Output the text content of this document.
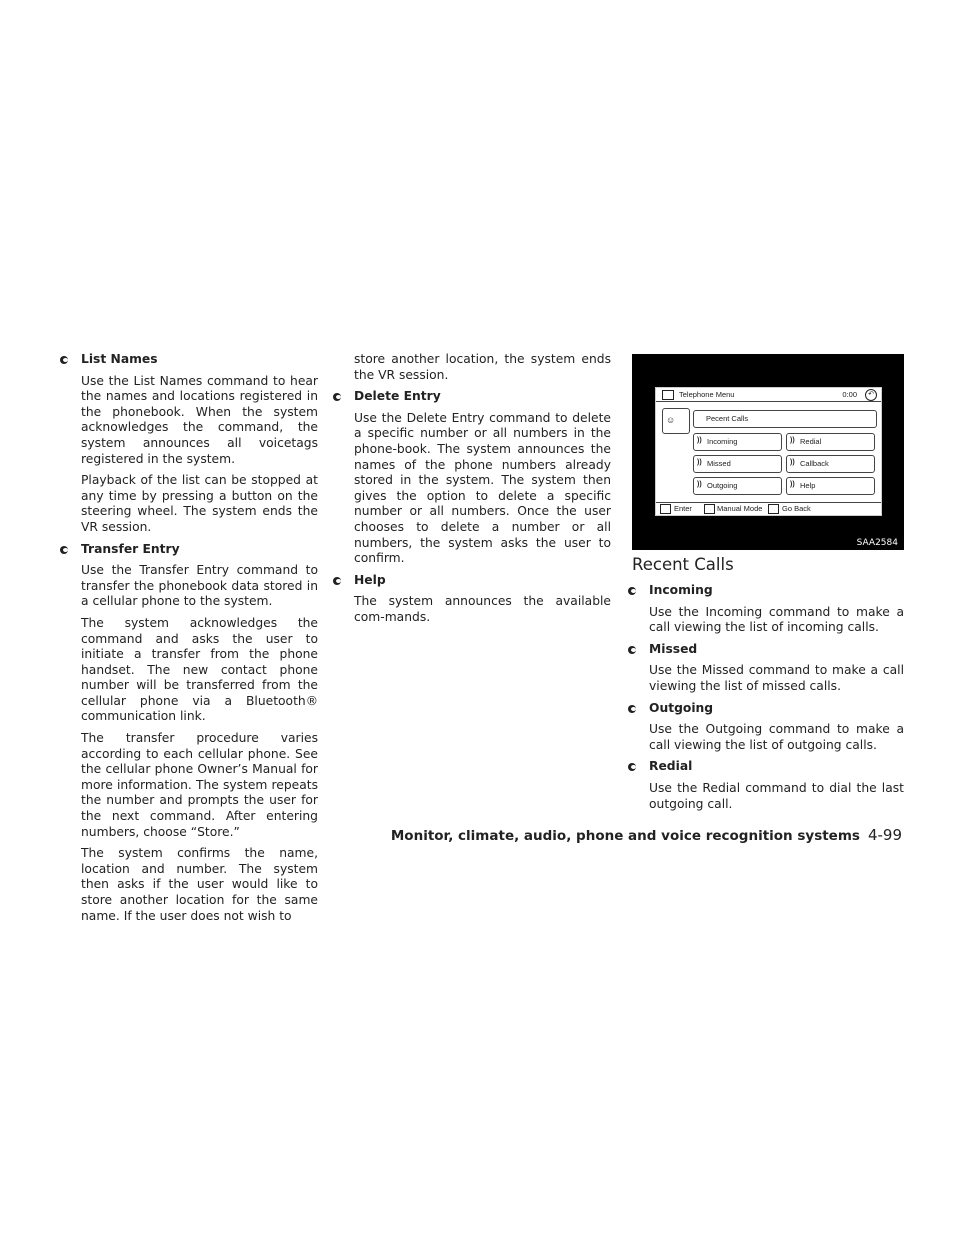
List Names

Use the List Names command to hear the names and locations registered in the phonebook. When the system acknowledges the command, the system announces all voicetags registered in the system.

Playback of the list can be stopped at any time by pressing a button on the steering wheel. The system ends the VR session.

Transfer Entry

Use the Transfer Entry command to transfer the phonebook data stored in a cellular phone to the system.

The system acknowledges the command and asks the user to initiate a transfer from the phone handset. The new contact phone number will be transferred from the cellular phone via a Bluetooth® communication link.

The transfer procedure varies according to each cellular phone. See the cellular phone Owner’s Manual for more information. The system repeats the number and prompts the user for the next command. After entering numbers, choose “Store.”

The system confirms the name, location and number. The system then asks if the user would like to store another location for the same name. If the user does not wish to

store another location, the system ends the VR session.

Delete Entry

Use the Delete Entry command to delete a specific number or all numbers in the phone-book. The system announces the names of the phone numbers already stored in the system. The system then gives the option to delete a specific number or all numbers. Once the user chooses to delete a number or all numbers, the system asks the user to confirm.

Help

The system announces the available com-mands.

Telephone Menu	0:00	↶
☺	Pecent Calls
)) Incoming	)) Redial
)) Missed	)) Callback
)) Outgoing	)) Help
Enter	Manual Mode	Go Back
SAA2584
Recent Calls
Incoming

Use the Incoming command to make a call viewing the list of incoming calls.

Missed

Use the Missed command to make a call viewing the list of missed calls.

Outgoing

Use the Outgoing command to make a call viewing the list of outgoing calls.

Redial

Use the Redial command to dial the last outgoing call.

Monitor, climate, audio, phone and voice recognition systems 4-99
